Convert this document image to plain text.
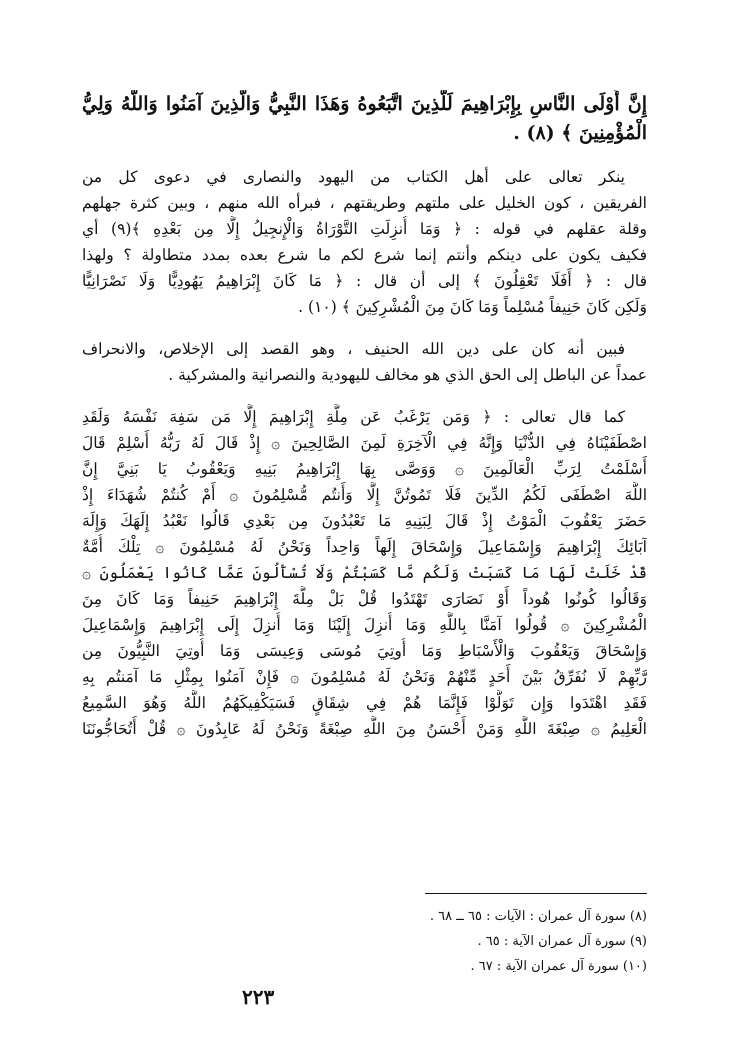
إِنَّ أَوْلَى النَّاسِ بِإِبْرَاهِيمَ لَلَّذِينَ اتَّبَعُوهُ وَهَذَا النَّبِيُّ وَالَّذِينَ آمَنُوا وَاللَّهُ وَلِيُّ
الْمُؤْمِنِينَ ﴾ (٨) .
ينكر تعالى على أهل الكتاب من اليهود والنصارى في دعوى كل من
الفريقين ، كون الخليل على ملتهم وطريقتهم ، فبرأه الله منهم ، وبين كثرة جهلهم
وقلة عقلهم في قوله : ﴿ وَمَا أُنزِلَتِ التَّوْرَاةُ وَالْإِنجِيلُ إِلَّا مِن بَعْدِهِ ﴾(٩) أي
فكيف يكون على دينكم وأنتم إنما شرع لكم ما شرع بعده بمدد متطاولة ؟ ولهذا
قال : ﴿ أَفَلَا تَعْقِلُونَ ﴾ إلى أن قال : ﴿ مَا كَانَ إِبْرَاهِيمُ يَهُودِيًّا وَلَا نَصْرَانِيًّا
وَلَكِن كَانَ حَنِيفاً مُسْلِماً وَمَا كَانَ مِنَ الْمُشْرِكِينَ ﴾ (١٠) .
فبين أنه كان على دين الله الحنيف ، وهو القصد إلى الإخلاص، والانحراف
عمداً عن الباطل إلى الحق الذي هو مخالف لليهودية والنصرانية والمشركية .
كما قال تعالى : ﴿ وَمَن يَرْغَبُ عَن مِلَّةِ إِبْرَاهِيمَ إِلَّا مَن سَفِهَ نَفْسَهُ وَلَقَدِ
اصْطَفَيْنَاهُ فِي الدُّنْيَا وَإِنَّهُ فِي الْآخِرَةِ لَمِنَ الصَّالِحِينَ ۞ إِذْ قَالَ لَهُ رَبُّهُ أَسْلِمْ قَالَ
أَسْلَمْتُ لِرَبِّ الْعَالَمِينَ ۞ وَوَصَّى بِهَا إِبْرَاهِيمُ بَنِيهِ وَيَعْقُوبُ يَا بَنِيَّ إِنَّ
اللَّهَ اصْطَفَى لَكُمُ الدِّينَ فَلَا تَمُوتُنَّ إِلَّا وَأَنتُم مُّسْلِمُونَ ۞ أَمْ كُنتُمْ شُهَدَاءَ إِذْ
حَضَرَ يَعْقُوبَ الْمَوْتُ إِذْ قَالَ لِبَنِيهِ مَا تَعْبُدُونَ مِن بَعْدِي قَالُوا نَعْبُدُ إِلَهَكَ وَإِلَهَ
آبَائِكَ إِبْرَاهِيمَ وَإِسْمَاعِيلَ وَإِسْحَاقَ إِلَهاً وَاحِداً وَنَحْنُ لَهُ مُسْلِمُونَ ۞ تِلْكَ أُمَّةٌ
قَدْ خَلَتْ لَهَا مَا كَسَبَتْ وَلَكُم مَّا كَسَبْتُمْ وَلَا تُسْأَلُونَ عَمَّا كَانُوا يَعْمَلُونَ ۞
وَقَالُوا كُونُوا هُوداً أَوْ نَصَارَى تَهْتَدُوا قُلْ بَلْ مِلَّةَ إِبْرَاهِيمَ حَنِيفاً وَمَا كَانَ مِنَ
الْمُشْرِكِينَ ۞ قُولُوا آمَنَّا بِاللَّهِ وَمَا أُنزِلَ إِلَيْنَا وَمَا أُنزِلَ إِلَى إِبْرَاهِيمَ وَإِسْمَاعِيلَ
وَإِسْحَاقَ وَيَعْقُوبَ وَالْأَسْبَاطِ وَمَا أُوتِيَ مُوسَى وَعِيسَى وَمَا أُوتِيَ النَّبِيُّونَ مِن
رَّبِّهِمْ لَا نُفَرِّقُ بَيْنَ أَحَدٍ مِّنْهُمْ وَنَحْنُ لَهُ مُسْلِمُونَ ۞ فَإِنْ آمَنُوا بِمِثْلِ مَا آمَنتُم بِهِ
فَقَدِ اهْتَدَوا وَإِن تَوَلَّوْا فَإِنَّمَا هُمْ فِي شِقَاقٍ فَسَيَكْفِيكَهُمُ اللَّهُ وَهُوَ السَّمِيعُ
الْعَلِيمُ ۞ صِبْغَةَ اللَّهِ وَمَنْ أَحْسَنُ مِنَ اللَّهِ صِبْغَةً وَنَحْنُ لَهُ عَابِدُونَ ۞ قُلْ أَتُحَاجُّونَنَا
(٨) سورة آل عمران : الآيات : ٦٥ ــ ٦٨ .
(٩) سورة آل عمران الآية : ٦٥ .
(١٠) سورة آل عمران الآية : ٦٧ .
٢٢٣
